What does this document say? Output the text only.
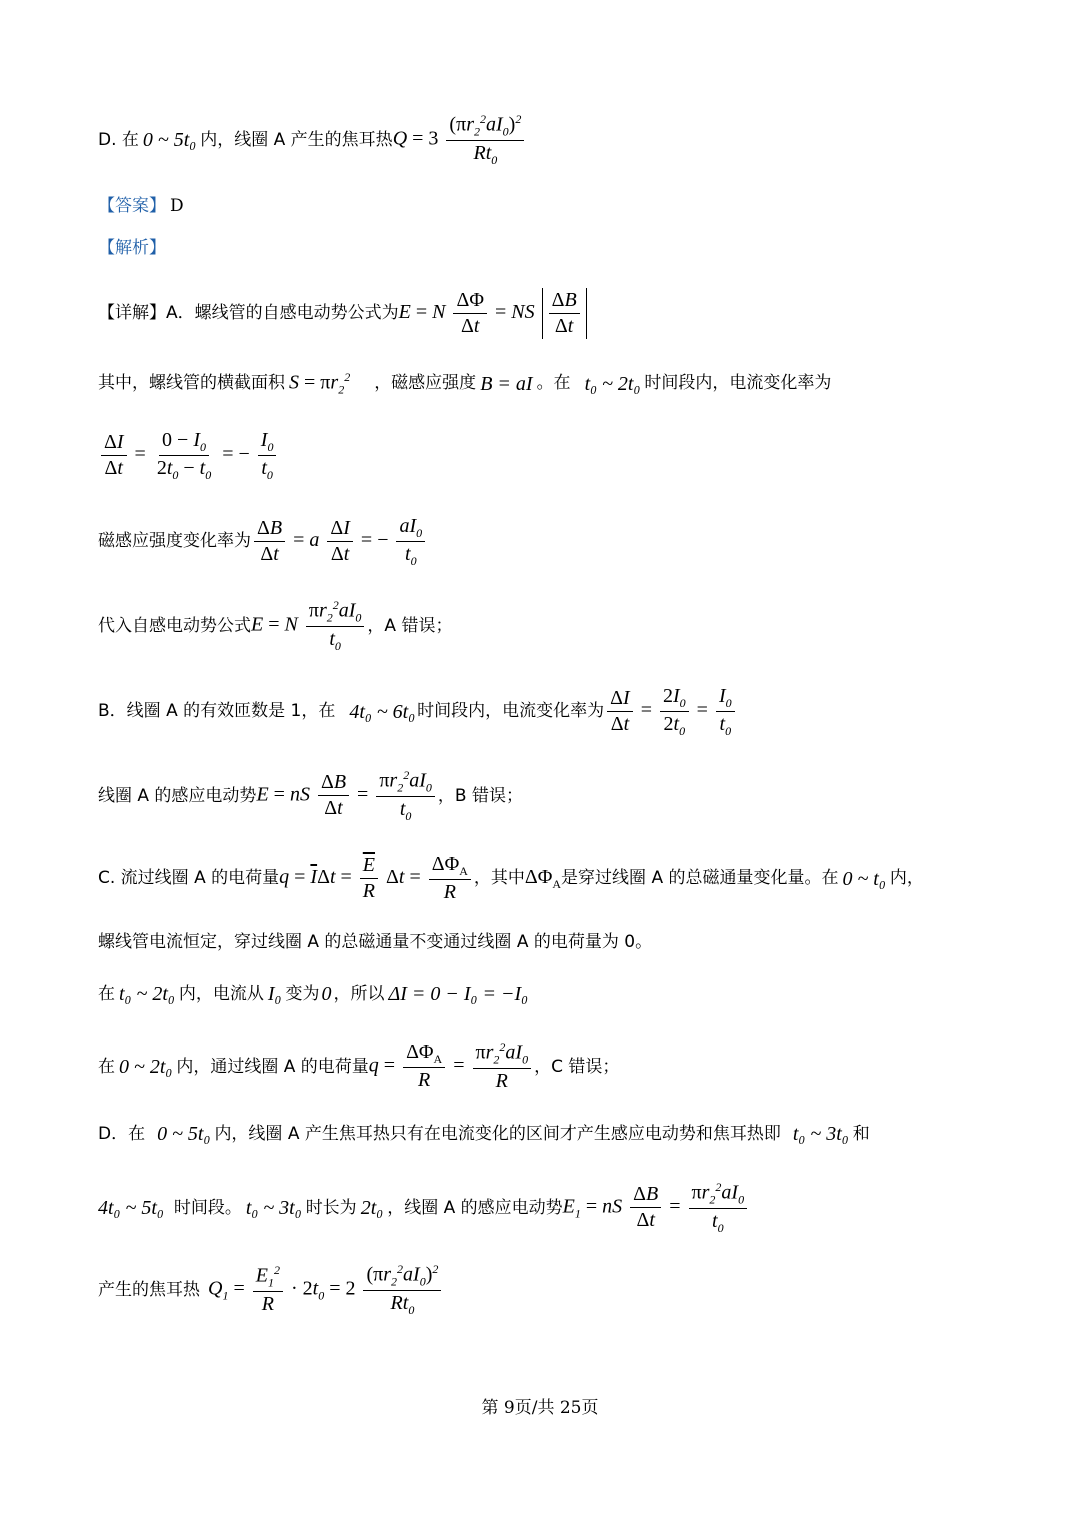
D. 在 0 ~ 5t₀ 内，线圈 A 产生的焦耳热 $Q = 3 \frac{(\pi r_2^2aI_0)^2}{Rt_0}$
【答案】 D
【解析】
【详解】A．螺线管的自感电动势公式为 E = N $\frac{\Delta\Phi}{\Delta t}$ = NS $\frac{\Delta B}{\Delta t}$
其中，螺线管的横截面积 $S = \pi r_2^2$ ，磁感应强度 B = aI 。在 t₀ ~ 2t₀ 时间段内，电流变化率为
$\frac{\Delta I}{\Delta t} = \frac{0 - I_0}{2t_0 - t_0}$ = − $\frac{I_0}{t_0}$
磁感应强度变化率为 $\frac{\Delta B}{\Delta t} = a \frac{\Delta I}{\Delta t}$ = − $\frac{aI_0}{t_0}$
代入自感电动势公式 E = N $\frac{\pi r_2^2aI_0}{t_0}$ ，A 错误；
B．线圈 A 的有效匝数是 1，在 4t₀ ~ 6t₀ 时间段内，电流变化率为 $\frac{\Delta I}{\Delta t} = \frac{2I_0}{2t_0} = \frac{I_0}{t_0}$
线圈 A 的感应电动势 E = nS $\frac{\Delta B}{\Delta t} = \frac{\pi r_2^2aI_0}{t_0}$ ，B 错误；
C. 流过线圈 A 的电荷量 $q = \overline{I}\Delta t = \frac{\overline{E}}{R}$ $\Delta t = \frac{\Delta\Phi_A}{R}$ ，其中 $\Delta\Phi_A$ 是穿过线圈 A 的总磁通量变化量。在 0 ~ t₀ 内，
螺线管电流恒定，穿过线圈 A 的总磁通量不变通过线圈 A 的电荷量为 0。
在 t₀ ~ 2t₀ 内，电流从 I₀ 变为 0 ，所以 ΔI = 0 − I₀ = −I₀
在 0 ~ 2t₀ 内，通过线圈 A 的电荷量 $q = \frac{\Delta\Phi_A}{R} = \frac{\pi r_2^2aI_0}{R}$ ，C 错误；
D．在 0 ~ 5t₀ 内，线圈 A 产生焦耳热只有在电流变化的区间才产生感应电动势和焦耳热即 t₀ ~ 3t₀ 和
4t₀ ~ 5t₀ 时间段。 t₀ ~ 3t₀ 时长为 2t₀ ，线圈 A 的感应电动势 $E_1$ = nS $\frac{\Delta B}{\Delta t} = \frac{\pi r_2^2aI_0}{t_0}$
产生的焦耳热 $Q_1 = \frac{E_1^2}{R} \cdot 2t_0 = 2 \frac{(\pi r_2^2aI_0)^2}{Rt_0}$
第 9页/共 25页
